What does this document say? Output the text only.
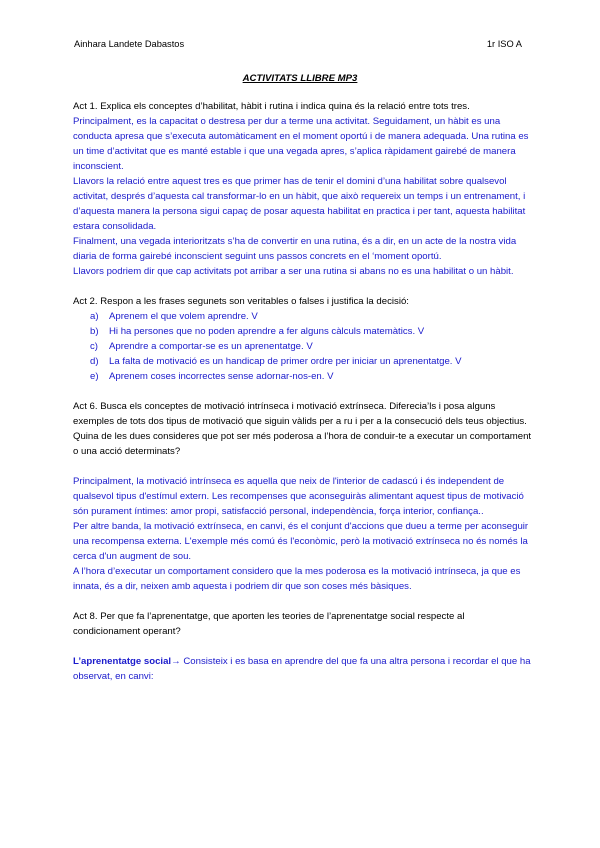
Ainhara Landete Dabastos	1r ISO A
ACTIVITATS LLIBRE MP3

Act 1. Explica els conceptes d’habilitat, hàbit i rutina i indica quina és la relació entre tots tres.

Principalment, es la capacitat o destresa per dur a terme una activitat. Seguidament, un hàbit es una conducta apresa que s’executa automàticament en el moment oportú i de manera adequada. Una rutina es un time d’activitat que es manté estable i que una vegada apres, s’aplica ràpidament gairebé de manera inconscient.

Llavors la relació entre aquest tres es que primer has de tenir el domini d’una habilitat sobre qualsevol activitat, després d’aquesta cal transformar-lo en un hàbit, que això requereix un temps i un entrenament, i d’aquesta manera la persona sigui capaç de posar aquesta habilitat en practica i per tant, aquesta habilitat estara consolidada.

Finalment, una vegada interioritzats s’ha de convertir en una rutina, és a dir, en un acte de la nostra vida diaria de forma gairebé inconscient seguint uns passos concrets en el ‘moment oportú.

Llavors podriem dir que cap activitats pot arribar a ser una rutina si abans no es una habilitat o un hàbit.

Act 2. Respon a les frases segunets son veritables o falses i justifica la decisió:

a) Aprenem el que volem aprendre. V
b) Hi ha persones que no poden aprendre a fer alguns càlculs matemàtics. V
c) Aprendre a comportar-se es un aprenentatge. V
d) La falta de motivació es un handicap de primer ordre per iniciar un aprenentatge. V
e) Aprenem coses incorrectes sense adornar-nos-en. V

Act 6. Busca els conceptes de motivació intrínseca i motivació extrínseca. Diferecia’ls i posa alguns exemples de tots dos tipus de motivació que siguin vàlids per a ru i per a la consecució dels teus objectius.

Quina de les dues consideres que pot ser més poderosa a l’hora de conduir-te a executar un comportament o una acció determinats?

Principalment, la motivació intrínseca es aquella que neix de l'interior de cadascú i és independent de qualsevol tipus d'estímul extern. Les recompenses que aconseguiràs alimentant aquest tipus de motivació són purament íntimes: amor propi, satisfacció personal, independència, força interior, confiança..

Per altre banda, la motivació extrínseca, en canvi, és el conjunt d'accions que dueu a terme per aconseguir una recompensa externa. L'exemple més comú és l'econòmic, però la motivació extrínseca no és només la cerca d'un augment de sou.

A l’hora d’executar un comportament considero que la mes poderosa es la motivació intrínseca, ja que es innata, és a dir, neixen amb aquesta i podriem dir que son coses més bàsiques.

Act 8. Per que fa l’aprenentatge, que aporten les teories de l’aprenentatge social respecte al condicionament operant?

L’aprenentatge social→ Consisteix i es basa en aprendre del que fa una altra persona i recordar el que ha observat, en canvi:
